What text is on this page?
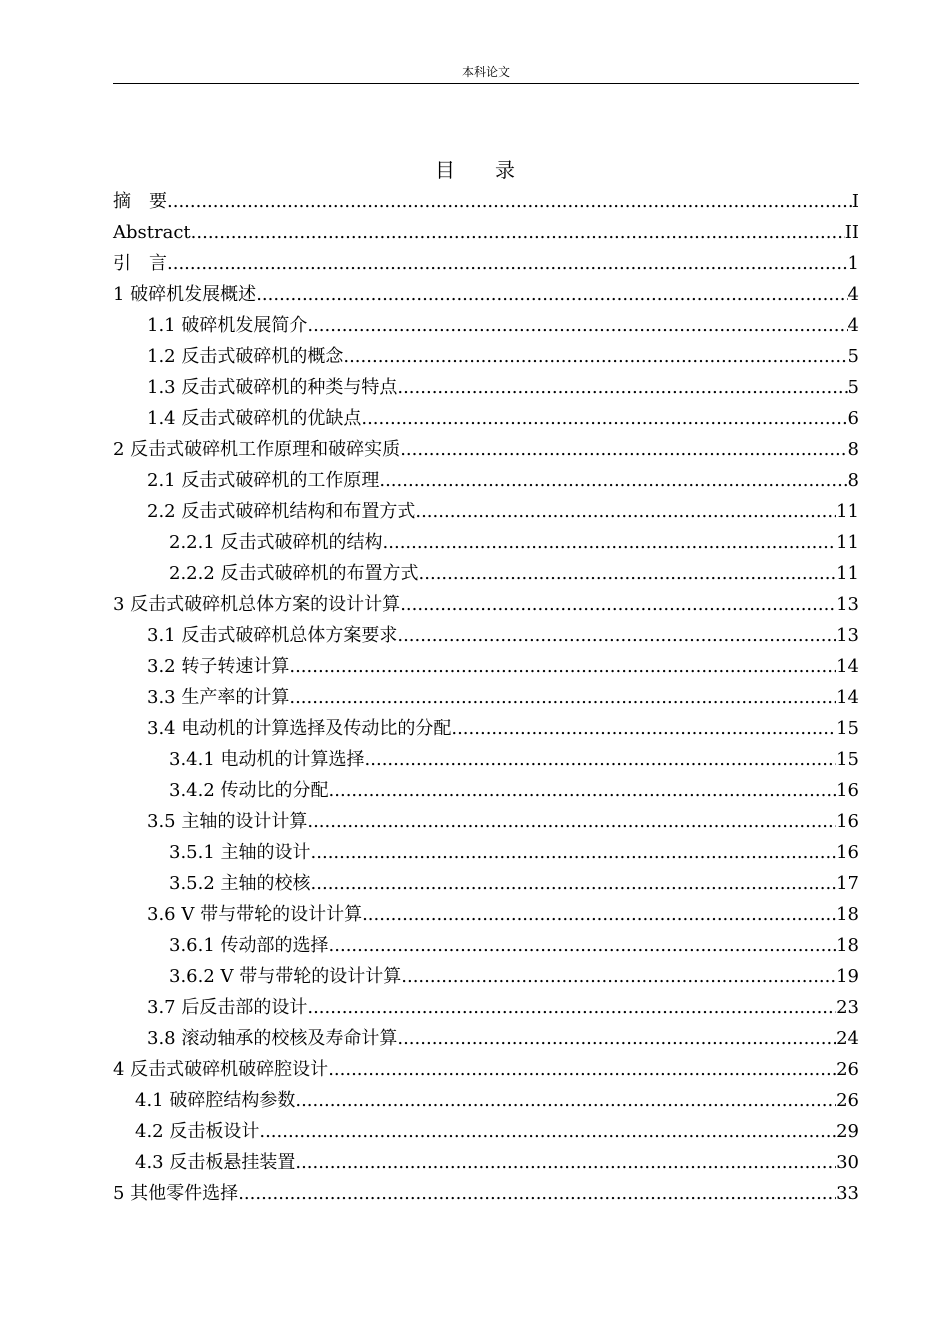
本科论文
目　　录
摘　要 .....	I
Abstract .....	II
引　言 .....	1
1 破碎机发展概述 .....	4
1.1 破碎机发展简介 .....	4
1.2 反击式破碎机的概念 .....	5
1.3 反击式破碎机的种类与特点 .....	5
1.4 反击式破碎机的优缺点 .....	6
2 反击式破碎机工作原理和破碎实质 .....	8
2.1 反击式破碎机的工作原理 .....	8
2.2 反击式破碎机结构和布置方式 .....	11
2.2.1 反击式破碎机的结构 .....	11
2.2.2 反击式破碎机的布置方式 .....	11
3 反击式破碎机总体方案的设计计算 .....	13
3.1 反击式破碎机总体方案要求 .....	13
3.2 转子转速计算 .....	14
3.3 生产率的计算 .....	14
3.4 电动机的计算选择及传动比的分配 .....	15
3.4.1 电动机的计算选择 .....	15
3.4.2 传动比的分配 .....	16
3.5 主轴的设计计算 .....	16
3.5.1 主轴的设计 .....	16
3.5.2 主轴的校核 .....	17
3.6 V 带与带轮的设计计算 .....	18
3.6.1 传动部的选择 .....	18
3.6.2 V 带与带轮的设计计算 .....	19
3.7 后反击部的设计 .....	23
3.8 滚动轴承的校核及寿命计算 .....	24
4 反击式破碎机破碎腔设计 .....	26
4.1 破碎腔结构参数 .....	26
4.2 反击板设计 .....	29
4.3 反击板悬挂装置 .....	30
5 其他零件选择 .....	33
